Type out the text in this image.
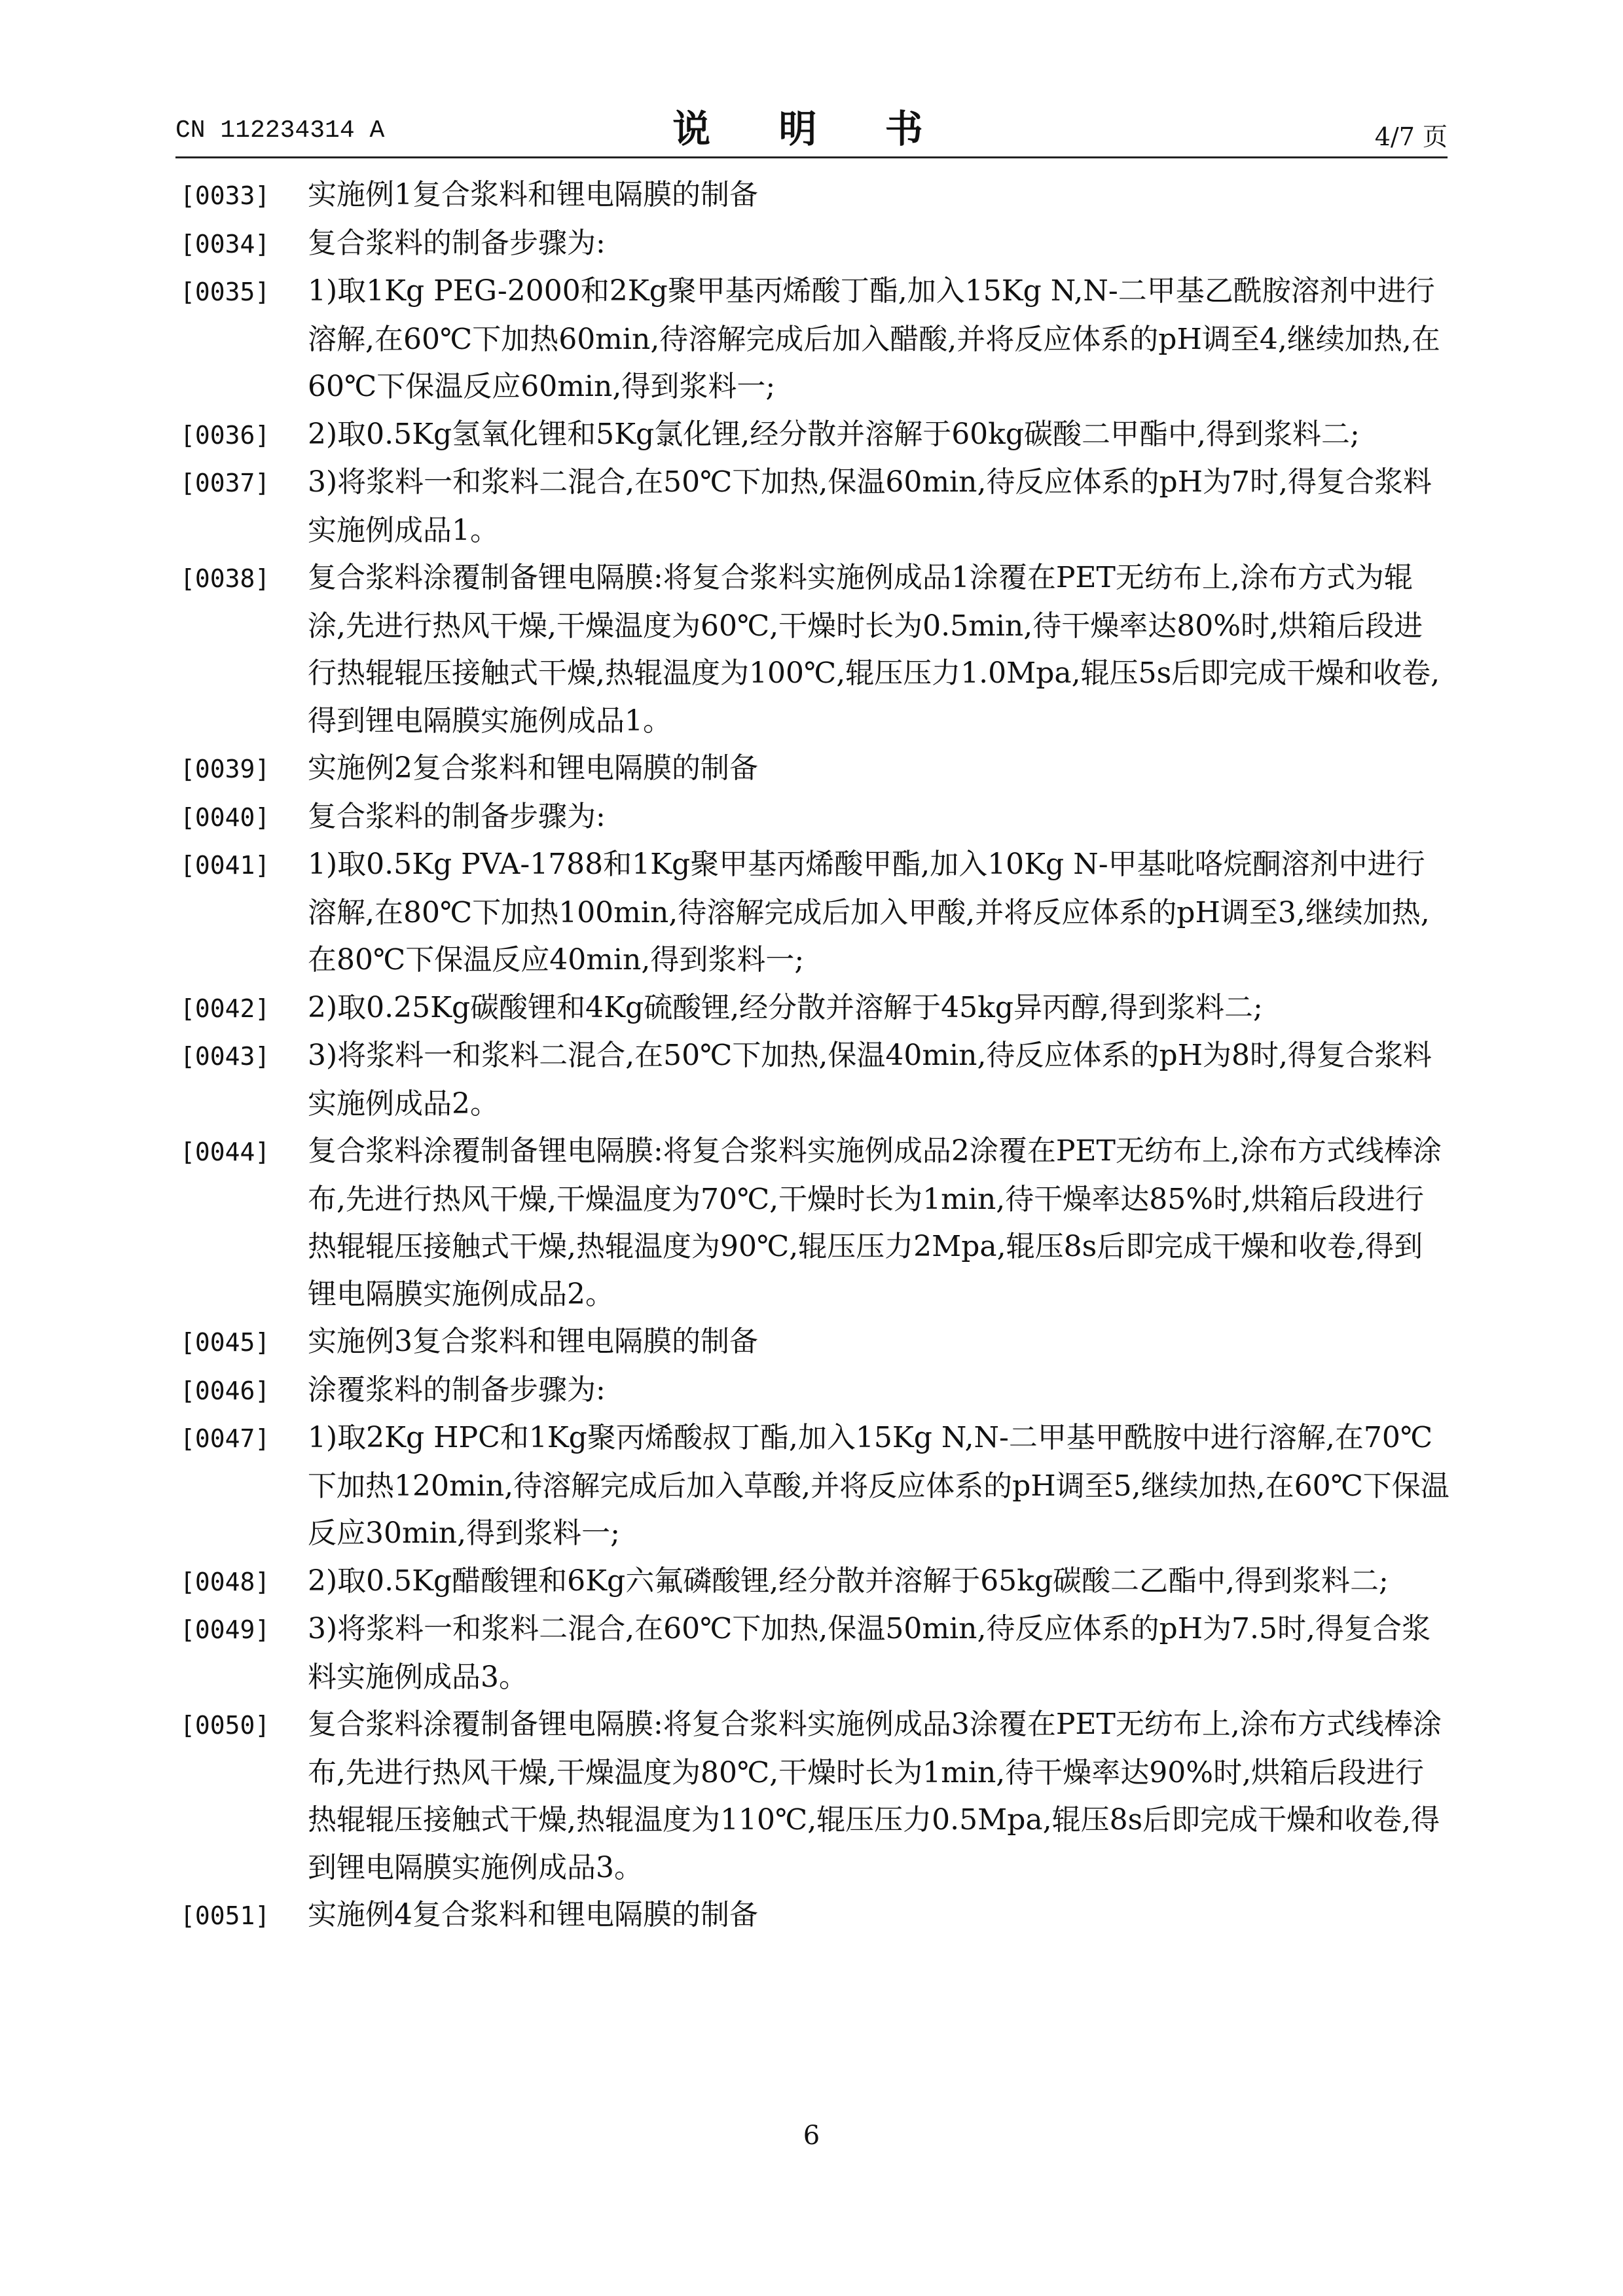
CN 112234314 A	说 明 书	4/7 页
[0033] 实施例1复合浆料和锂电隔膜的制备
[0034] 复合浆料的制备步骤为:
[0035] 1)取1Kg PEG-2000和2Kg聚甲基丙烯酸丁酯,加入15Kg N,N-二甲基乙酰胺溶剂中进行溶解,在60℃下加热60min,待溶解完成后加入醋酸,并将反应体系的pH调至4,继续加热,在60℃下保温反应60min,得到浆料一;
[0036] 2)取0.5Kg氢氧化锂和5Kg氯化锂,经分散并溶解于60kg碳酸二甲酯中,得到浆料二;
[0037] 3)将浆料一和浆料二混合,在50℃下加热,保温60min,待反应体系的pH为7时,得复合浆料实施例成品1。
[0038] 复合浆料涂覆制备锂电隔膜:将复合浆料实施例成品1涂覆在PET无纺布上,涂布方式为辊涂,先进行热风干燥,干燥温度为60℃,干燥时长为0.5min,待干燥率达80%时,烘箱后段进行热辊辊压接触式干燥,热辊温度为100℃,辊压压力1.0Mpa,辊压5s后即完成干燥和收卷,得到锂电隔膜实施例成品1。
[0039] 实施例2复合浆料和锂电隔膜的制备
[0040] 复合浆料的制备步骤为:
[0041] 1)取0.5Kg PVA-1788和1Kg聚甲基丙烯酸甲酯,加入10Kg N-甲基吡咯烷酮溶剂中进行溶解,在80℃下加热100min,待溶解完成后加入甲酸,并将反应体系的pH调至3,继续加热,在80℃下保温反应40min,得到浆料一;
[0042] 2)取0.25Kg碳酸锂和4Kg硫酸锂,经分散并溶解于45kg异丙醇,得到浆料二;
[0043] 3)将浆料一和浆料二混合,在50℃下加热,保温40min,待反应体系的pH为8时,得复合浆料实施例成品2。
[0044] 复合浆料涂覆制备锂电隔膜:将复合浆料实施例成品2涂覆在PET无纺布上,涂布方式线棒涂布,先进行热风干燥,干燥温度为70℃,干燥时长为1min,待干燥率达85%时,烘箱后段进行热辊辊压接触式干燥,热辊温度为90℃,辊压压力2Mpa,辊压8s后即完成干燥和收卷,得到锂电隔膜实施例成品2。
[0045] 实施例3复合浆料和锂电隔膜的制备
[0046] 涂覆浆料的制备步骤为:
[0047] 1)取2Kg HPC和1Kg聚丙烯酸叔丁酯,加入15Kg N,N-二甲基甲酰胺中进行溶解,在70℃下加热120min,待溶解完成后加入草酸,并将反应体系的pH调至5,继续加热,在60℃下保温反应30min,得到浆料一;
[0048] 2)取0.5Kg醋酸锂和6Kg六氟磷酸锂,经分散并溶解于65kg碳酸二乙酯中,得到浆料二;
[0049] 3)将浆料一和浆料二混合,在60℃下加热,保温50min,待反应体系的pH为7.5时,得复合浆料实施例成品3。
[0050] 复合浆料涂覆制备锂电隔膜:将复合浆料实施例成品3涂覆在PET无纺布上,涂布方式线棒涂布,先进行热风干燥,干燥温度为80℃,干燥时长为1min,待干燥率达90%时,烘箱后段进行热辊辊压接触式干燥,热辊温度为110℃,辊压压力0.5Mpa,辊压8s后即完成干燥和收卷,得到锂电隔膜实施例成品3。
[0051] 实施例4复合浆料和锂电隔膜的制备
6
